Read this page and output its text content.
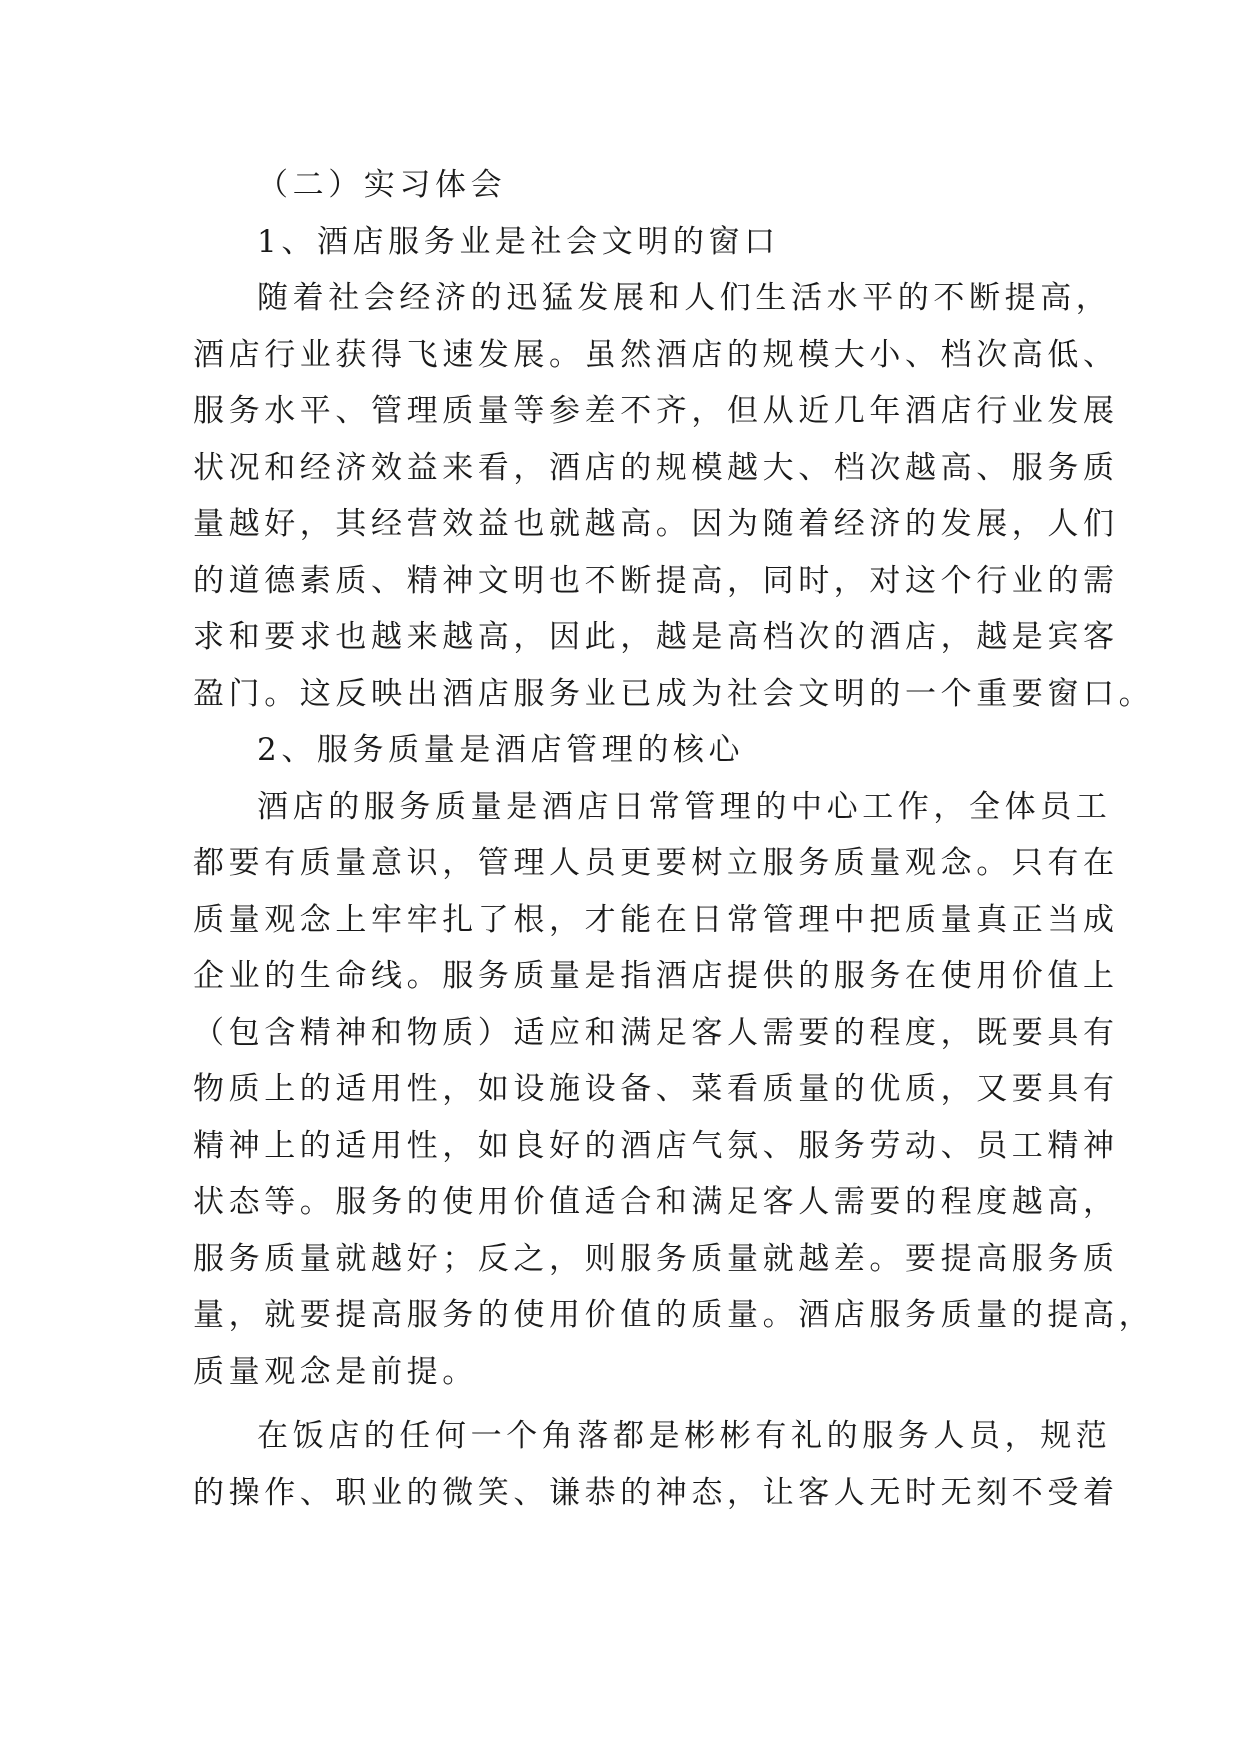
（二）实习体会
1、酒店服务业是社会文明的窗口
随着社会经济的迅猛发展和人们生活水平的不断提高，
酒店行业获得飞速发展。虽然酒店的规模大小、档次高低、
服务水平、管理质量等参差不齐，但从近几年酒店行业发展
状况和经济效益来看，酒店的规模越大、档次越高、服务质
量越好，其经营效益也就越高。因为随着经济的发展，人们
的道德素质、精神文明也不断提高，同时，对这个行业的需
求和要求也越来越高，因此，越是高档次的酒店，越是宾客
盈门。这反映出酒店服务业已成为社会文明的一个重要窗口。
2、服务质量是酒店管理的核心
酒店的服务质量是酒店日常管理的中心工作，全体员工
都要有质量意识，管理人员更要树立服务质量观念。只有在
质量观念上牢牢扎了根，才能在日常管理中把质量真正当成
企业的生命线。服务质量是指酒店提供的服务在使用价值上
（包含精神和物质）适应和满足客人需要的程度，既要具有
物质上的适用性，如设施设备、菜看质量的优质，又要具有
精神上的适用性，如良好的酒店气氛、服务劳动、员工精神
状态等。服务的使用价值适合和满足客人需要的程度越高，
服务质量就越好；反之，则服务质量就越差。要提高服务质
量，就要提高服务的使用价值的质量。酒店服务质量的提高，
质量观念是前提。
在饭店的任何一个角落都是彬彬有礼的服务人员，规范
的操作、职业的微笑、谦恭的神态，让客人无时无刻不受着
